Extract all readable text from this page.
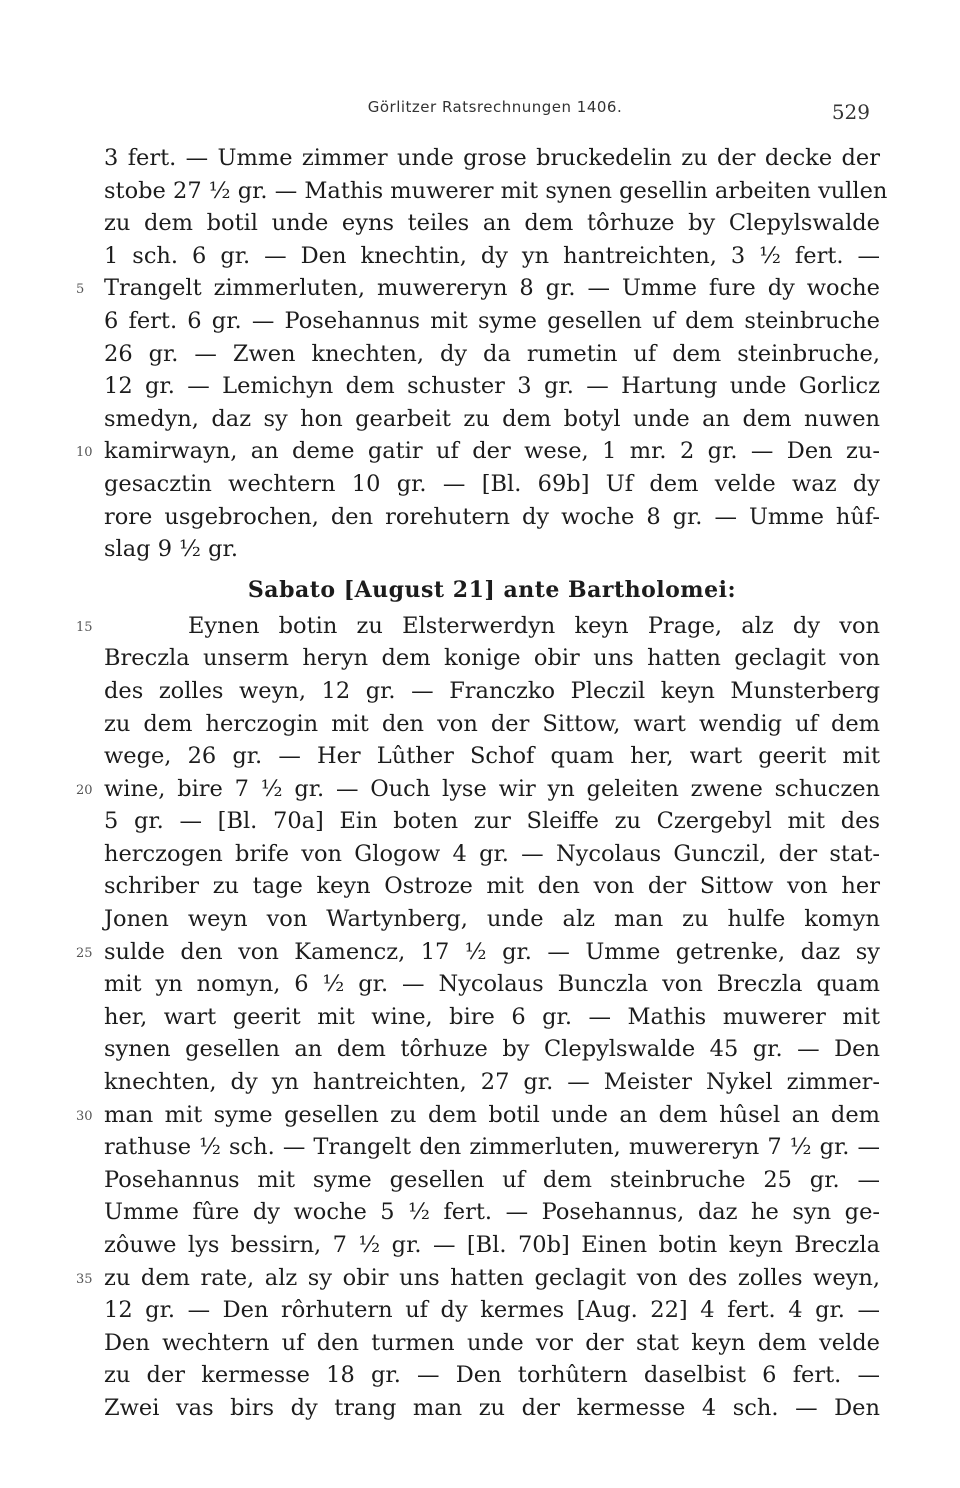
Görlitzer Ratsrechnungen 1406.	529
3 fert. — Umme zimmer unde grose bruckedelin zu der decke der
stobe 27 ½ gr. — Mathis muwerer mit synen gesellin arbeiten vullen
zu dem botil unde eyns teiles an dem tôrhuze by Clepylswalde
1 sch. 6 gr. — Den knechtin, dy yn hantreichten, 3 ½ fert. —
Trangelt zimmerluten, muwereryn 8 gr. — Umme fure dy woche
5
6 fert. 6 gr. — Posehannus mit syme gesellen uf dem steinbruche
26 gr. — Zwen knechten, dy da rumetin uf dem steinbruche,
12 gr. — Lemichyn dem schuster 3 gr. — Hartung unde Gorlicz
smedyn, daz sy hon gearbeit zu dem botyl unde an dem nuwen
kamirwayn, an deme gatir uf der wese, 1 mr. 2 gr. — Den zu-
10
gesacztin wechtern 10 gr. — [Bl. 69b] Uf dem velde waz dy
rore usgebrochen, den rorehutern dy woche 8 gr. — Umme hûf-
slag 9 ½ gr.
Sabato [August 21] ante Bartholomei:
Eynen botin zu Elsterwerdyn keyn Prage, alz dy von
15
Breczla unserm heryn dem konige obir uns hatten geclagit von
des zolles weyn, 12 gr. — Franczko Pleczil keyn Munsterberg
zu dem herczogin mit den von der Sittow, wart wendig uf dem
wege, 26 gr. — Her Lûther Schof quam her, wart geerit mit
wine, bire 7 ½ gr. — Ouch lyse wir yn geleiten zwene schuczen
20
5 gr. — [Bl. 70a] Ein boten zur Sleiffe zu Czergebyl mit des
herczogen brife von Glogow 4 gr. — Nycolaus Gunczil, der stat-
schriber zu tage keyn Ostroze mit den von der Sittow von her
Jonen weyn von Wartynberg, unde alz man zu hulfe komyn
sulde den von Kamencz, 17 ½ gr. — Umme getrenke, daz sy
25
mit yn nomyn, 6 ½ gr. — Nycolaus Bunczla von Breczla quam
her, wart geerit mit wine, bire 6 gr. — Mathis muwerer mit
synen gesellen an dem tôrhuze by Clepylswalde 45 gr. — Den
knechten, dy yn hantreichten, 27 gr. — Meister Nykel zimmer-
man mit syme gesellen zu dem botil unde an dem hûsel an dem
30
rathuse ½ sch. — Trangelt den zimmerluten, muwereryn 7 ½ gr. —
Posehannus mit syme gesellen uf dem steinbruche 25 gr. —
Umme fûre dy woche 5 ½ fert. — Posehannus, daz he syn ge-
zôuwe lys bessirn, 7 ½ gr. — [Bl. 70b] Einen botin keyn Breczla
zu dem rate, alz sy obir uns hatten geclagit von des zolles weyn,
35
12 gr. — Den rôrhutern uf dy kermes [Aug. 22] 4 fert. 4 gr. —
Den wechtern uf den turmen unde vor der stat keyn dem velde
zu der kermesse 18 gr. — Den torhûtern daselbist 6 fert. —
Zwei vas birs dy trang man zu der kermesse 4 sch. — Den
